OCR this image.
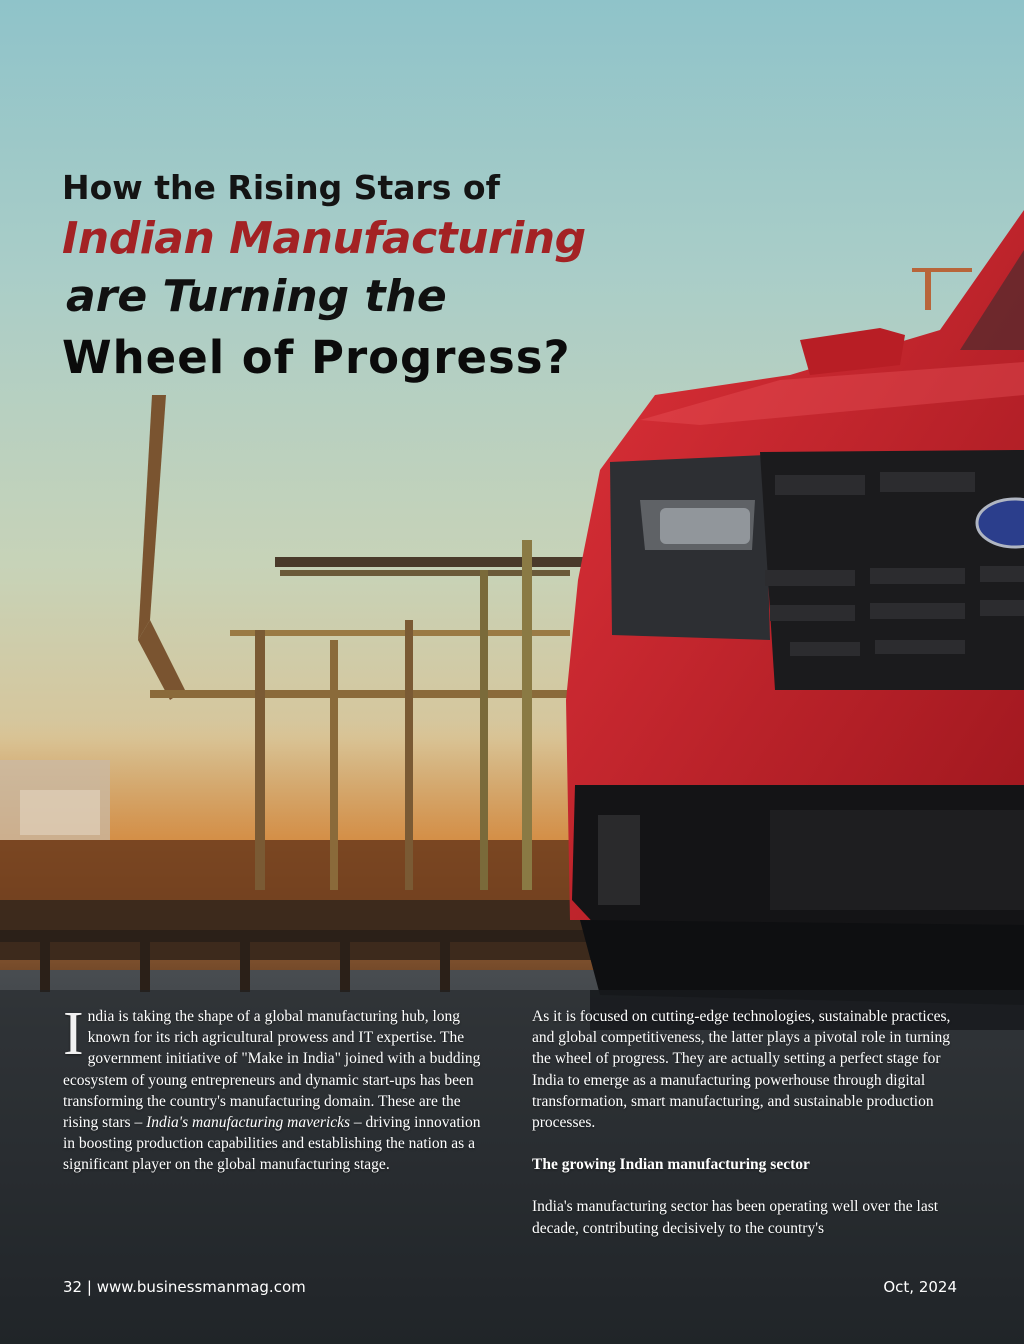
How the Rising Stars of
Indian Manufacturing
are Turning the
Wheel of Progress?

India is taking the shape of a global manufacturing hub, long known for its rich agricultural prowess and IT expertise. The government initiative of "Make in India" joined with a budding ecosystem of young entrepreneurs and dynamic start-ups has been transforming the country's manufacturing domain. These are the rising stars – India's manufacturing mavericks – driving innovation in boosting production capabilities and establishing the nation as a significant player on the global manufacturing stage.

As it is focused on cutting-edge technologies, sustainable practices, and global competitiveness, the latter plays a pivotal role in turning the wheel of progress. They are actually setting a perfect stage for India to emerge as a manufacturing powerhouse through digital transformation, smart manufacturing, and sustainable production processes.

The growing Indian manufacturing sector

India's manufacturing sector has been operating well over the last decade, contributing decisively to the country's

32 | www.businessmanmag.com	Oct, 2024
